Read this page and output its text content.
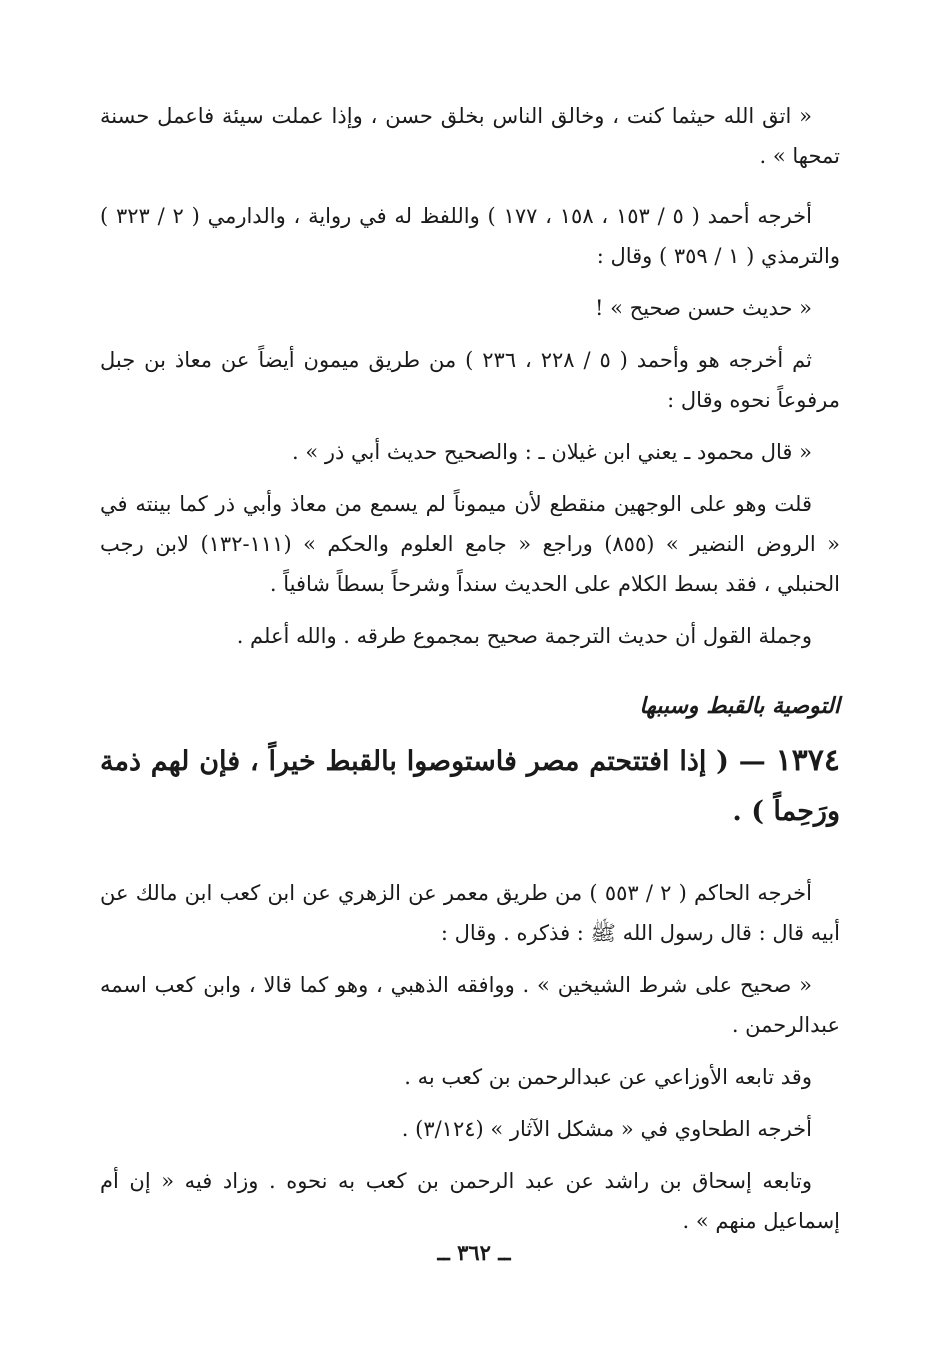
« اتق الله حيثما كنت ، وخالق الناس بخلق حسن ، وإذا عملت سيئة فاعمل حسنة تمحها » .

أخرجه أحمد ( ٥ / ١٥٣ ، ١٥٨ ، ١٧٧ ) واللفظ له في رواية ، والدارمي ( ٢ / ٣٢٣ ) والترمذي ( ١ / ٣٥٩ ) وقال :

« حديث حسن صحيح » !

ثم أخرجه هو وأحمد ( ٥ / ٢٢٨ ، ٢٣٦ ) من طريق ميمون أيضاً عن معاذ بن جبل مرفوعاً نحوه وقال :

« قال محمود ـ يعني ابن غيلان ـ : والصحيح حديث أبي ذر » .

قلت وهو على الوجهين منقطع لأن ميموناً لم يسمع من معاذ وأبي ذر كما بينته في « الروض النضير » (٨٥٥) وراجع « جامع العلوم والحكم » (١١١-١٣٢) لابن رجب الحنبلي ، فقد بسط الكلام على الحديث سنداً وشرحاً بسطاً شافياً .

وجملة القول أن حديث الترجمة صحيح بمجموع طرقه . والله أعلم .

التوصية بالقبط وسببها

١٣٧٤ — ( إذا افتتحتم مصر فاستوصوا بالقبط خيراً ، فإن لهم ذمة ورَحِماً ) .

أخرجه الحاكم ( ٢ / ٥٥٣ ) من طريق معمر عن الزهري عن ابن كعب ابن مالك عن أبيه قال : قال رسول الله ﷺ : فذكره . وقال :

« صحيح على شرط الشيخين » . ووافقه الذهبي ، وهو كما قالا ، وابن كعب اسمه عبدالرحمن .

وقد تابعه الأوزاعي عن عبدالرحمن بن كعب به .

أخرجه الطحاوي في « مشكل الآثار » (٣/١٢٤) .

وتابعه إسحاق بن راشد عن عبد الرحمن بن كعب به نحوه . وزاد فيه « إن أم إسماعيل منهم » .

ــ ٣٦٢ ــ
